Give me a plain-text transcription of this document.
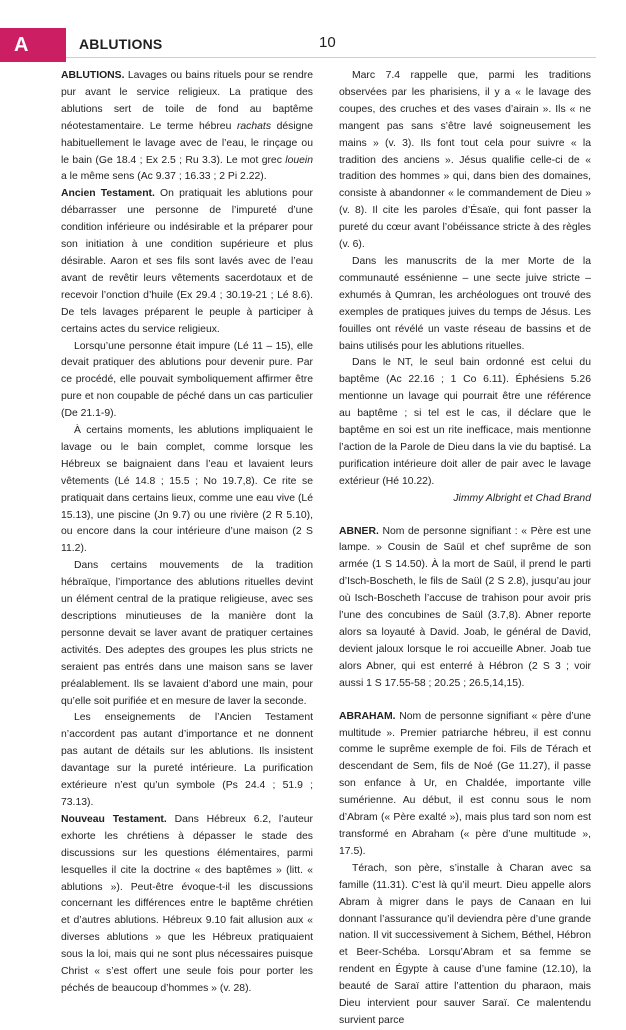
A	ABLUTIONS	10

ABLUTIONS. Lavages ou bains rituels pour se rendre pur avant le service religieux. La pratique des ablutions sert de toile de fond au baptême néotestamentaire. Le terme hébreu rachats désigne habituellement le lavage avec de l’eau, le rinçage ou le bain (Ge 18.4 ; Ex 2.5 ; Ru 3.3). Le mot grec louein a le même sens (Ac 9.37 ; 16.33 ; 2 Pi 2.22).

Ancien Testament. On pratiquait les ablutions pour débarrasser une personne de l’impureté d’une condition inférieure ou indésirable et la préparer pour son initiation à une condition supérieure et plus désirable. Aaron et ses fils sont lavés avec de l’eau avant de revêtir leurs vêtements sacerdotaux et de recevoir l’onction d’huile (Ex 29.4 ; 30.19-21 ; Lé 8.6). De tels lavages préparent le peuple à participer à certains actes du service religieux.

Lorsqu’une personne était impure (Lé 11 – 15), elle devait pratiquer des ablutions pour devenir pure. Par ce procédé, elle pouvait symboliquement affirmer être pure et non coupable de péché dans un cas particulier (De 21.1-9).

À certains moments, les ablutions impliquaient le lavage ou le bain complet, comme lorsque les Hébreux se baignaient dans l’eau et lavaient leurs vêtements (Lé 14.8 ; 15.5 ; No 19.7,8). Ce rite se pratiquait dans certains lieux, comme une eau vive (Lé 15.13), une piscine (Jn 9.7) ou une rivière (2 R 5.10), ou encore dans la cour intérieure d’une maison (2 S 11.2).

Dans certains mouvements de la tradition hébraïque, l’importance des ablutions rituelles devint un élément central de la pratique religieuse, avec ses descriptions minutieuses de la manière dont la personne devait se laver avant de pratiquer certaines activités. Des adeptes des groupes les plus stricts ne seraient pas entrés dans une maison sans se laver préalablement. Ils se lavaient d’abord une main, pour qu’elle soit purifiée et en mesure de laver la seconde.

Les enseignements de l’Ancien Testament n’accordent pas autant d’importance et ne donnent pas autant de détails sur les ablutions. Ils insistent davantage sur la pureté intérieure. La purification extérieure n’est qu’un symbole (Ps 24.4 ; 51.9 ; 73.13).

Nouveau Testament. Dans Hébreux 6.2, l’auteur exhorte les chrétiens à dépasser le stade des discussions sur les questions élémentaires, parmi lesquelles il cite la doctrine « des baptêmes » (litt. « ablutions »). Peut-être évoque-t-il les discussions concernant les différences entre le baptême chrétien et d’autres ablutions. Hébreux 9.10 fait allusion aux « diverses ablutions » que les Hébreux pratiquaient sous la loi, mais qui ne sont plus nécessaires puisque Christ « s’est offert une seule fois pour porter les péchés de beaucoup d’hommes » (v. 28).

Marc 7.4 rappelle que, parmi les traditions observées par les pharisiens, il y a « le lavage des coupes, des cruches et des vases d’airain ». Ils « ne mangent pas sans s’être lavé soigneusement les mains » (v. 3). Ils font tout cela pour suivre « la tradition des anciens ». Jésus qualifie celle-ci de « tradition des hommes » qui, dans bien des domaines, consiste à abandonner « le commandement de Dieu » (v. 8). Il cite les paroles d’Ésaïe, qui font passer la pureté du cœur avant l’obéissance stricte à des règles (v. 6).

Dans les manuscrits de la mer Morte de la communauté essénienne – une secte juive stricte – exhumés à Qumran, les archéologues ont trouvé des exemples de pratiques juives du temps de Jésus. Les fouilles ont révélé un vaste réseau de bassins et de bains utilisés pour les ablutions rituelles.

Dans le NT, le seul bain ordonné est celui du baptême (Ac 22.16 ; 1 Co 6.11). Éphésiens 5.26 mentionne un lavage qui pourrait être une référence au baptême ; si tel est le cas, il déclare que le baptême en soi est un rite inefficace, mais mentionne l’action de la Parole de Dieu dans la vie du baptisé. La purification intérieure doit aller de pair avec le lavage extérieur (Hé 10.22).

Jimmy Albright et Chad Brand

ABNER. Nom de personne signifiant : « Père est une lampe. » Cousin de Saül et chef suprême de son armée (1 S 14.50). À la mort de Saül, il prend le parti d’Isch-Boscheth, le fils de Saül (2 S 2.8), jusqu’au jour où Isch-Boscheth l’accuse de trahison pour avoir pris l’une des concubines de Saül (3.7,8). Abner reporte alors sa loyauté à David. Joab, le général de David, devient jaloux lorsque le roi accueille Abner. Joab tue alors Abner, qui est enterré à Hébron (2 S 3 ; voir aussi 1 S 17.55-58 ; 20.25 ; 26.5,14,15).

ABRAHAM. Nom de personne signifiant « père d’une multitude ». Premier patriarche hébreu, il est connu comme le suprême exemple de foi. Fils de Térach et descendant de Sem, fils de Noé (Ge 11.27), il passe son enfance à Ur, en Chaldée, importante ville sumérienne. Au début, il est connu sous le nom d’Abram (« Père exalté »), mais plus tard son nom est transformé en Abraham (« père d’une multitude », 17.5).

Térach, son père, s’installe à Charan avec sa famille (11.31). C’est là qu’il meurt. Dieu appelle alors Abram à migrer dans le pays de Canaan en lui donnant l’assurance qu’il deviendra père d’une grande nation. Il vit successivement à Sichem, Béthel, Hébron et Beer-Schéba. Lorsqu’Abram et sa femme se rendent en Égypte à cause d’une famine (12.10), la beauté de Saraï attire l’attention du pharaon, mais Dieu intervient pour sauver Saraï. Ce malentendu survient parce
